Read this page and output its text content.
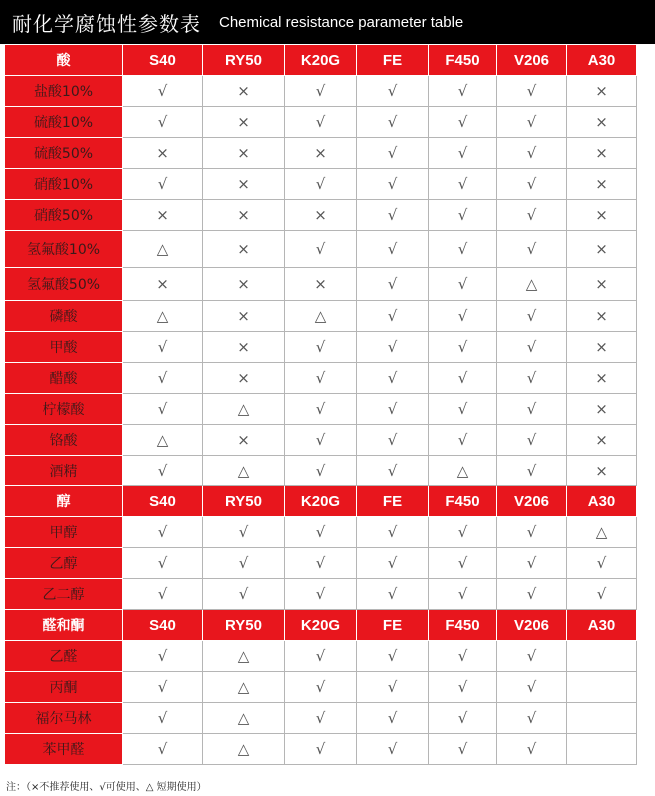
耐化学腐蚀性参数表 Chemical resistance parameter table
酸	S40	RY50	K20G	FE	F450	V206	A30
盐酸10%	√	×	√	√	√	√	×
硫酸10%	√	×	√	√	√	√	×
硫酸50%	×	×	×	√	√	√	×
硝酸10%	√	×	√	√	√	√	×
硝酸50%	×	×	×	√	√	√	×
氢氟酸10%	△	×	√	√	√	√	×
氢氟酸50%	×	×	×	√	√	△	×
磷酸	△	×	△	√	√	√	×
甲酸	√	×	√	√	√	√	×
醋酸	√	×	√	√	√	√	×
柠檬酸	√	△	√	√	√	√	×
铬酸	△	×	√	√	√	√	×
酒精	√	△	√	√	△	√	×
醇	S40	RY50	K20G	FE	F450	V206	A30
甲醇	√	√	√	√	√	√	△
乙醇	√	√	√	√	√	√	√
乙二醇	√	√	√	√	√	√	√
醛和酮	S40	RY50	K20G	FE	F450	V206	A30
乙醛	√	△	√	√	√	√	
丙酮	√	△	√	√	√	√	
福尔马林	√	△	√	√	√	√	
苯甲醛	√	△	√	√	√	√	
注：（×不推荐使用、√可使用、△ 短期使用）
